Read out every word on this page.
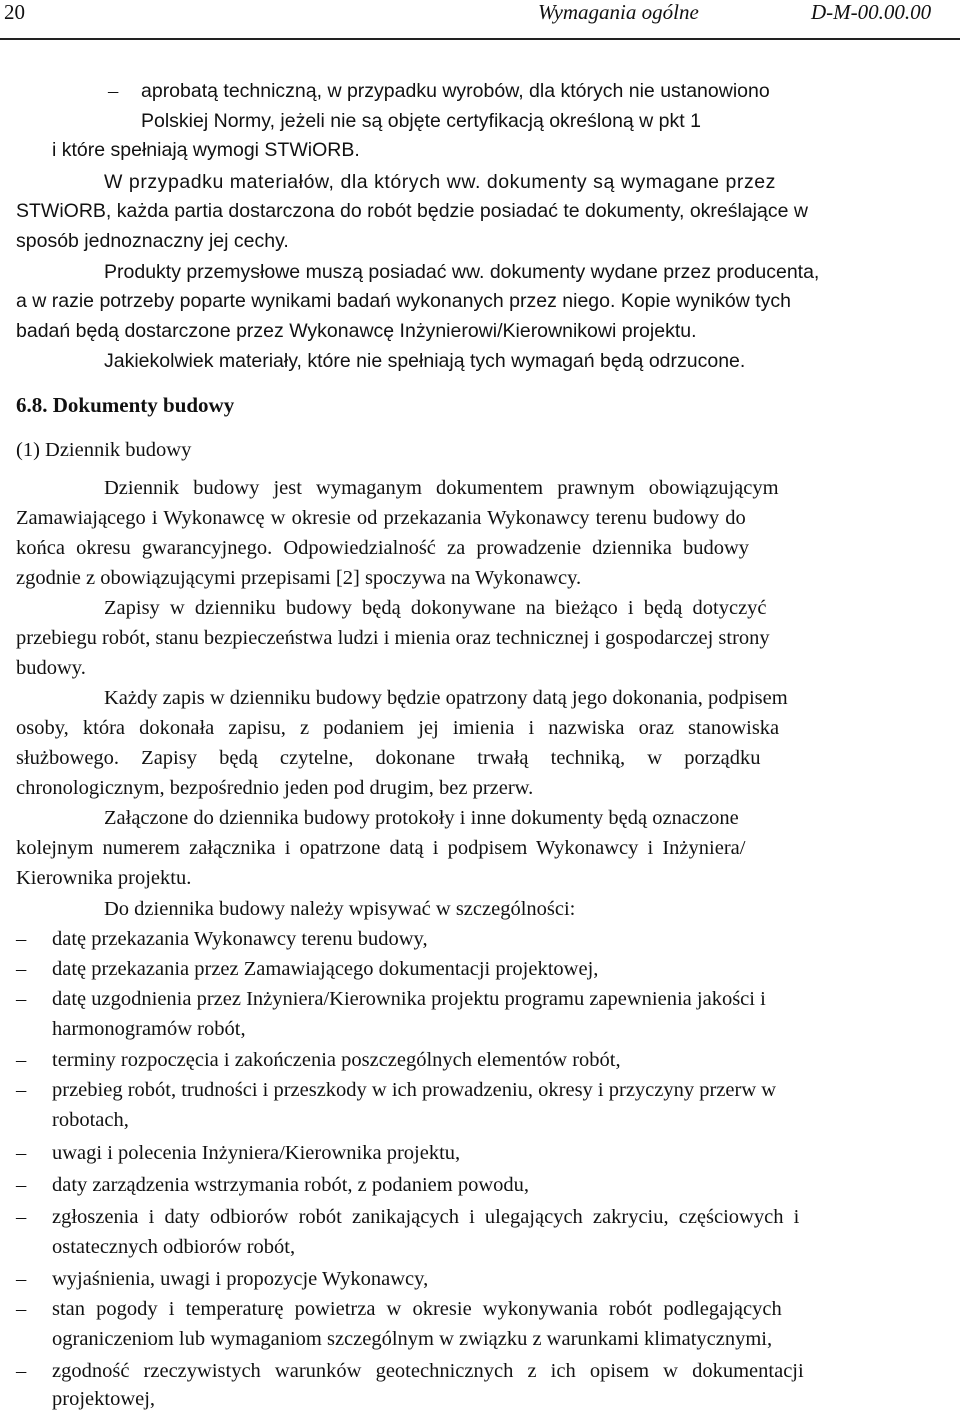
20	Wymagania ogólne	D-M-00.00.00
– aprobatą techniczną, w przypadku wyrobów, dla których nie ustanowiono
Polskiej Normy, jeżeli nie są objęte certyfikacją określoną w pkt 1
i które spełniają wymogi STWiORB.
W przypadku materiałów, dla których ww. dokumenty są wymagane przez
STWiORB, każda partia dostarczona do robót będzie posiadać te dokumenty, określające w
sposób jednoznaczny jej cechy.
Produkty przemysłowe muszą posiadać ww. dokumenty wydane przez producenta,
a w razie potrzeby poparte wynikami badań wykonanych przez niego. Kopie wyników tych
badań będą dostarczone przez Wykonawcę Inżynierowi/Kierownikowi projektu.
Jakiekolwiek materiały, które nie spełniają tych wymagań będą odrzucone.
6.8. Dokumenty budowy
(1) Dziennik budowy
Dziennik budowy jest wymaganym dokumentem prawnym obowiązującym
Zamawiającego i Wykonawcę w okresie od przekazania Wykonawcy terenu budowy do
końca okresu gwarancyjnego. Odpowiedzialność za prowadzenie dziennika budowy
zgodnie z obowiązującymi przepisami [2] spoczywa na Wykonawcy.
Zapisy w dzienniku budowy będą dokonywane na bieżąco i będą dotyczyć
przebiegu robót, stanu bezpieczeństwa ludzi i mienia oraz technicznej i gospodarczej strony
budowy.
Każdy zapis w dzienniku budowy będzie opatrzony datą jego dokonania, podpisem
osoby, która dokonała zapisu, z podaniem jej imienia i nazwiska oraz stanowiska
służbowego. Zapisy będą czytelne, dokonane trwałą techniką, w porządku
chronologicznym, bezpośrednio jeden pod drugim, bez przerw.
Załączone do dziennika budowy protokoły i inne dokumenty będą oznaczone
kolejnym numerem załącznika i opatrzone datą i podpisem Wykonawcy i Inżyniera/
Kierownika projektu.
Do dziennika budowy należy wpisywać w szczególności:
– datę przekazania Wykonawcy terenu budowy,
– datę przekazania przez Zamawiającego dokumentacji projektowej,
– datę uzgodnienia przez Inżyniera/Kierownika projektu programu zapewnienia jakości i
harmonogramów robót,
– terminy rozpoczęcia i zakończenia poszczególnych elementów robót,
– przebieg robót, trudności i przeszkody w ich prowadzeniu, okresy i przyczyny przerw w
robotach,
– uwagi i polecenia Inżyniera/Kierownika projektu,
– daty zarządzenia wstrzymania robót, z podaniem powodu,
– zgłoszenia i daty odbiorów robót zanikających i ulegających zakryciu, częściowych i
ostatecznych odbiorów robót,
– wyjaśnienia, uwagi i propozycje Wykonawcy,
– stan pogody i temperaturę powietrza w okresie wykonywania robót podlegających
ograniczeniom lub wymaganiom szczególnym w związku z warunkami klimatycznymi,
– zgodność rzeczywistych warunków geotechnicznych z ich opisem w dokumentacji
projektowej,
